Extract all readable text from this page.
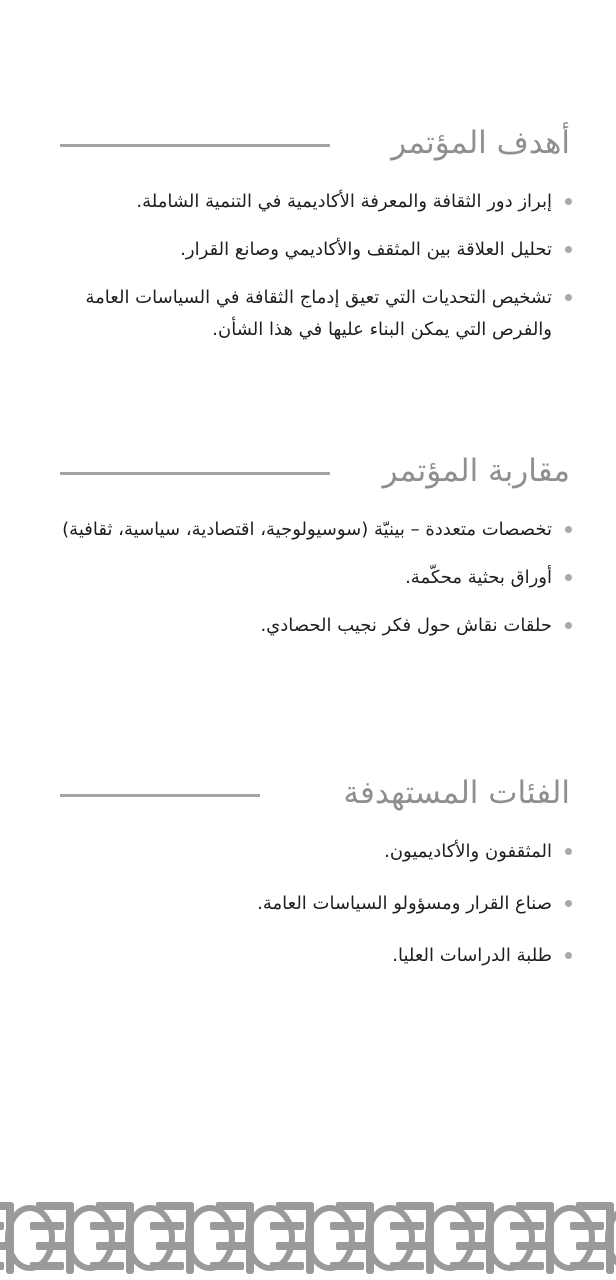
أهدف المؤتمر
إبراز دور الثقافة والمعرفة الأكاديمية في التنمية الشاملة.
تحليل العلاقة بين المثقف والأكاديمي وصانع القرار.
تشخيص التحديات التي تعيق إدماج الثقافة في السياسات العامة والفرص التي يمكن البناء عليها في هذا الشأن.
مقاربة المؤتمر
تخصصات متعددة – بينيّة (سوسيولوجية، اقتصادية، سياسية، ثقافية)
أوراق بحثية محكّمة.
حلقات نقاش حول فكر نجيب الحصادي.
الفئات المستهدفة
المثقفون والأكاديميون.
صناع القرار ومسؤولو السياسات العامة.
طلبة الدراسات العليا.
